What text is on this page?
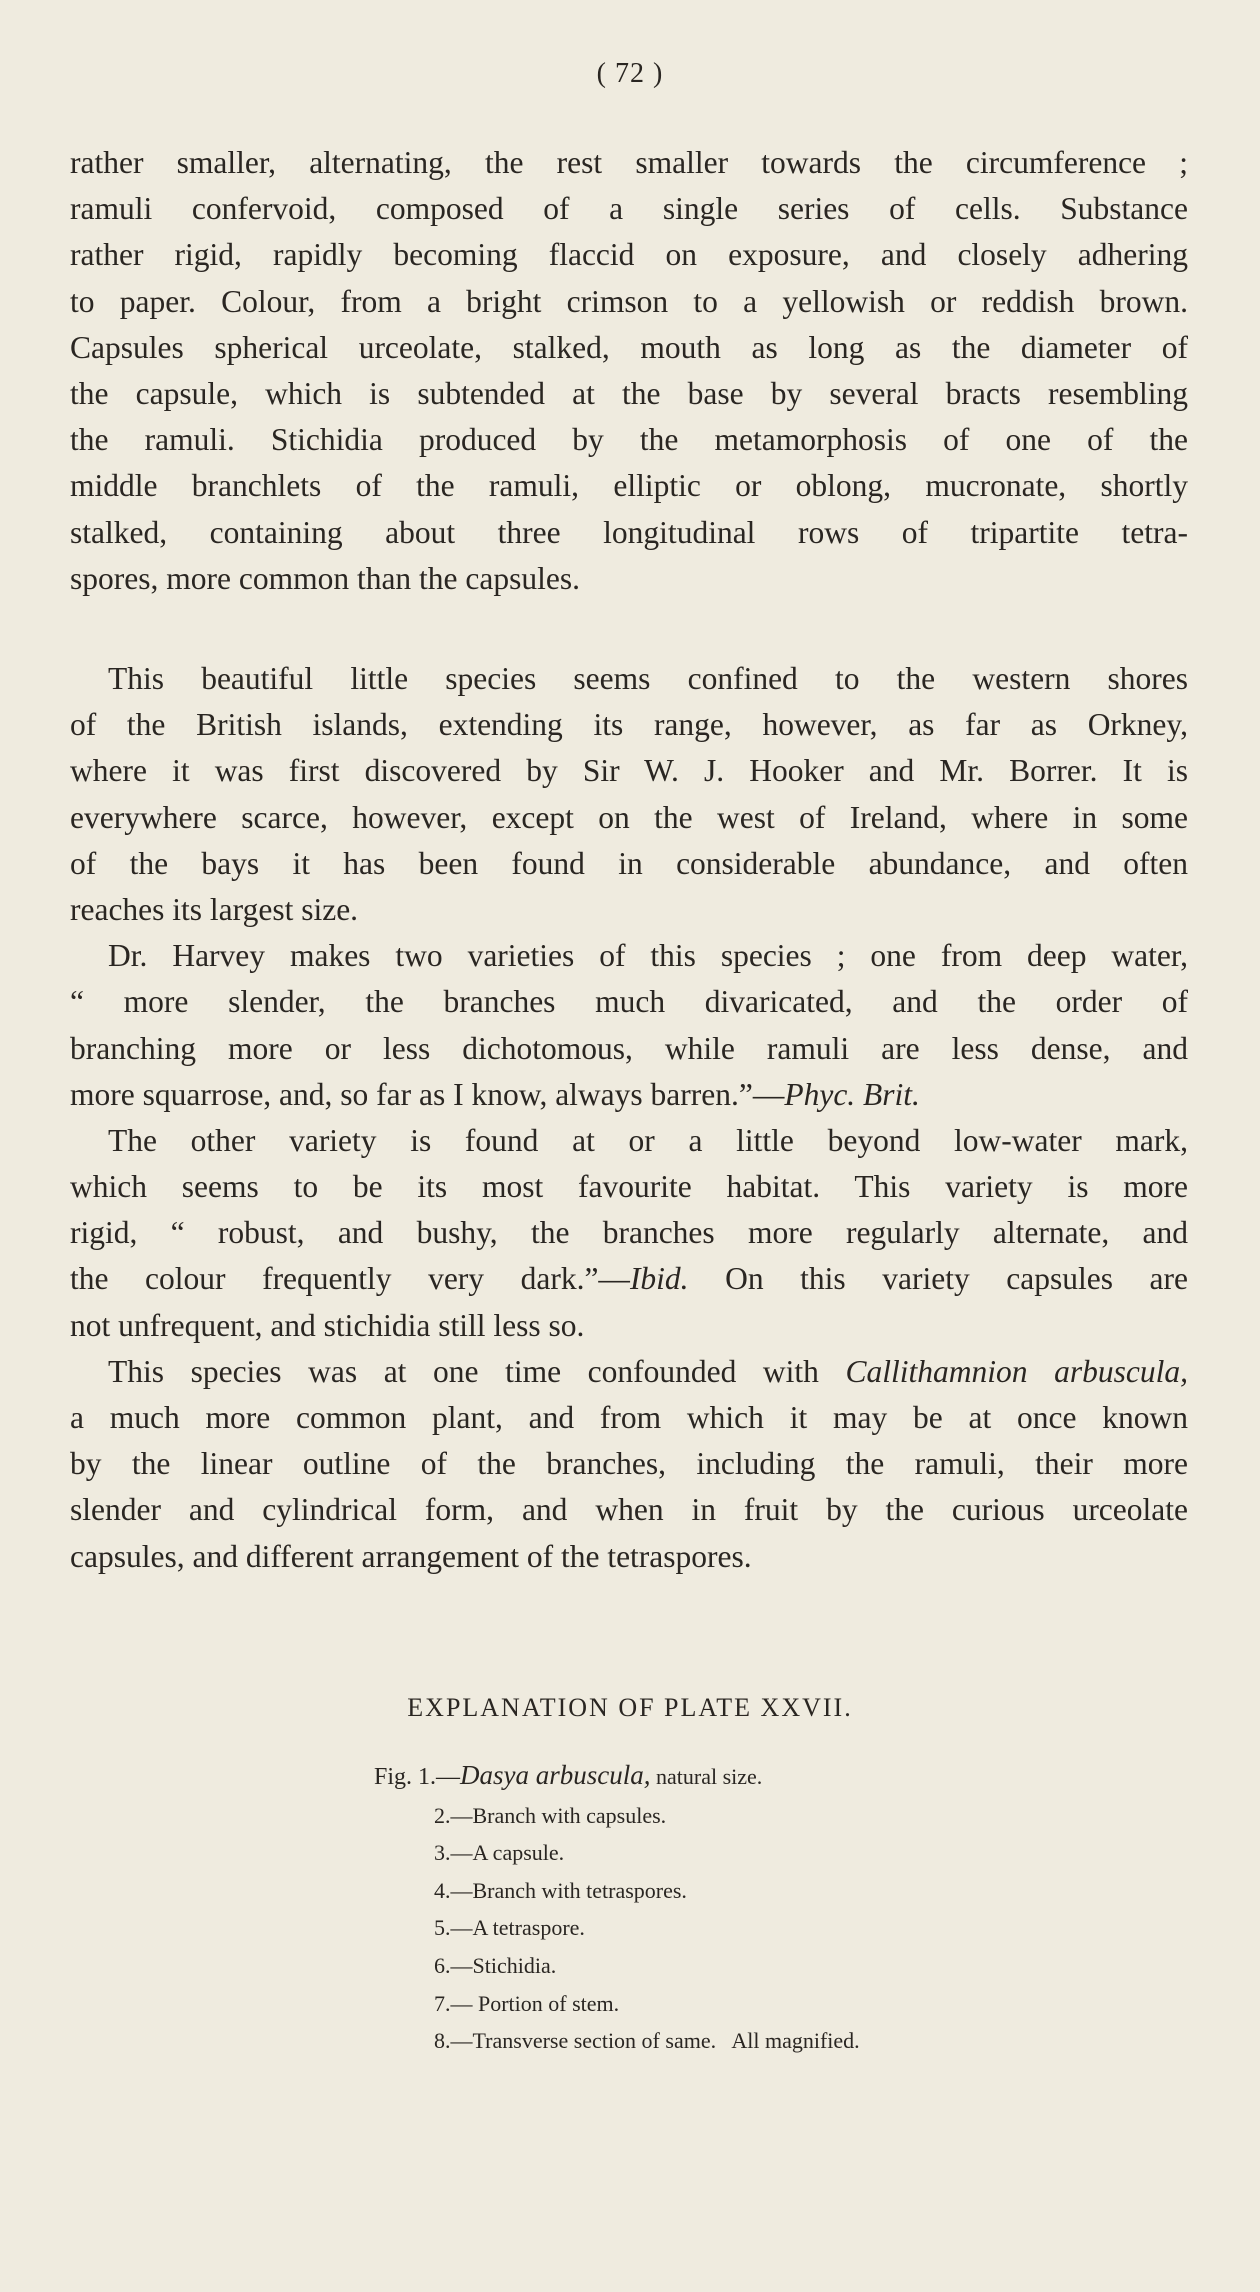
( 72 )
rather smaller, alternating, the rest smaller towards the circumference ;
ramuli confervoid, composed of a single series of cells. Substance
rather rigid, rapidly becoming flaccid on exposure, and closely adhering
to paper. Colour, from a bright crimson to a yellowish or reddish brown.
Capsules spherical urceolate, stalked, mouth as long as the diameter of
the capsule, which is subtended at the base by several bracts resembling
the ramuli. Stichidia produced by the metamorphosis of one of the
middle branchlets of the ramuli, elliptic or oblong, mucronate, shortly
stalked, containing about three longitudinal rows of tripartite tetra-
spores, more common than the capsules.
This beautiful little species seems confined to the western shores
of the British islands, extending its range, however, as far as Orkney,
where it was first discovered by Sir W. J. Hooker and Mr. Borrer. It is
everywhere scarce, however, except on the west of Ireland, where in some
of the bays it has been found in considerable abundance, and often
reaches its largest size.
Dr. Harvey makes two varieties of this species ; one from deep water,
“ more slender, the branches much divaricated, and the order of
branching more or less dichotomous, while ramuli are less dense, and
more squarrose, and, so far as I know, always barren.”—Phyc. Brit.
The other variety is found at or a little beyond low-water mark,
which seems to be its most favourite habitat. This variety is more
rigid, “ robust, and bushy, the branches more regularly alternate, and
the colour frequently very dark.”—Ibid. On this variety capsules are
not unfrequent, and stichidia still less so.
This species was at one time confounded with Callithamnion arbuscula,
a much more common plant, and from which it may be at once known
by the linear outline of the branches, including the ramuli, their more
slender and cylindrical form, and when in fruit by the curious urceolate
capsules, and different arrangement of the tetraspores.
EXPLANATION OF PLATE XXVII.
Fig. 1.—Dasya arbuscula, natural size.
2.—Branch with capsules.
3.—A capsule.
4.—Branch with tetraspores.
5.—A tetraspore.
6.—Stichidia.
7.— Portion of stem.
8.—Transverse section of same.   All magnified.
